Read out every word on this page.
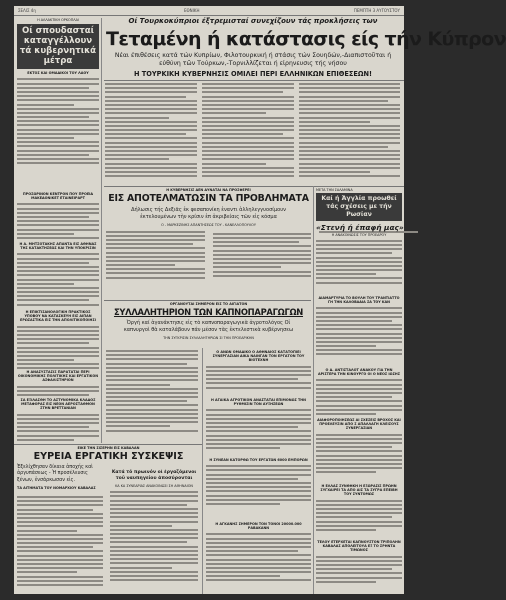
ΣΕΛΙΣ 4η	ΕΘΝΙΚΗ	ΠΕΜΠΤΗ 3 ΑΥΓΟΥΣΤΟΥ
Η ΑΛΛΑΚΤΙΚΗ ΟΡΚΟΠΛΑΙ
Οί σπουδασταί καταγγέλλουν τά κυβερνητικά μέτρα
ΕΚΤΟΣ ΚΑΙ ΟΜΑΔΙΚΟΙ ΤΟΥ ΛΑΟΥ
ΠΡΟΣΩΡΙΝΟΝ ΚΕΝΤΡΟΝ ΠΟΥ ΠΡΟΕΙΔ ΜΑΚΕΔΟΝΙΚΕΤ ΕΤΑΙΝΕΙΡΑΡΤ
Η Α. ΜΗΤΣΟΤΑΚΗΣ ΑΠΑΝΤΑ ΕΙΣ ΑΘΗΝΑΣ ΤΗΣ ΚΑΤΑΚΤΗΣΕΩΣ ΚΑΙ ΤΗΝ ΥΠΟΚΡΙΣΙΝ
Η ΕΠΙΚΤΙΣΑΝΟΛΟΓΙΚΗ ΠΡΑΚΤΙΚΟΣ ΥΠΟΒΟΥ ΝΑ ΚΑΤΑΣΚΕΥΗ ΕΙΣ ΑΙΠΑΝ ΕΡΩΣΑΣΤΙΚΑ ΕΙΣ ΤΗΝ ΑΠΟΛΙΤΙΚΟΠΟΙΗΣΙ
Η ΑΝΑΣΥΣΤΑΣΙΣ ΠΑΡΑΤΑΤΑΙ ΠΕΡΙ ΟΙΚΟΝΟΜΙΚΗΣ ΠΟΛΙΤΙΚΗΣ ΚΑΙ ΕΡΓΑΤΙΚΟΝ ΑΣΦΑΛΙΣΤΗΡΙΟΝ
ΣΑ ΕΞΙΛΑΣΘΗ ΤΟ ΑΣΤΥΝΟΜΙΚΑ ΚΛΑΔΟΣ ΜΕΤΑΦΟΡΑΣ ΕΙΣ ΝΕΟΝ ΑΕΡΟΣΤΑΘΜΟΝ ΣΤΗΝ ΒΡΕΤΤΑΝΙΑΝ
Οί Τουρκοκύπριοι έξτρεμισταί συνεχίζουν τάς προκλήσεις των
Τεταμένη ή κατάστασις είς τήν Κύπρον
Νέαι έπιθέσεις κατά τών Κυπρίων, Φιλοτουρκική ή στάσις τών Σουηδών,-Διαπιστοῦται ή εὐθύνη τῶν Τούρκων,-Τορνιλλίζεται ή εἰρηνευσις τής νήσου
Η ΤΟΥΡΚΙΚΗ ΚΥΒΕΡΝΗΣΙΣ ΟΜΙΛΕΙ ΠΕΡΙ ΕΛΛΗΝΙΚΩΝ ΕΠΙΘΕΣΕΩΝ!
Η ΚΥΒΕΡΝΗΣΙΣ ΔΕΝ ΔΥΝΑΤΑΙ ΝΑ ΠΡΟΣΦΕΡΕΙ
ΕΙΣ ΑΠΟΤΕΛΜΑΤΩΣΙΝ ΤΑ ΠΡΟΒΛΗΜΑΤΑ
Δήλωσις τής Δεξιᾶς ἐκ φεσαπονίκη ἐναντι ἀλληλεγγυοσίμουν ἐκτελουμένων τὴν κρίσιν ἐπ ἀκριβείαις τῶν εἰς κόσμα
Ο - ΜΑΡΚΕΖΙΝΗΣ ΑΠΑΝΤΗΣΕΩΣ ΤΟΥ - ΚΑΝΕΛΛΟΠΟΥΛΟΥ
ΟΡΓΑΝΟΥΤΑΙ ΣΗΜΕΡΟΝ ΕΙΣ ΤΟ ΑΙΓΙΑΤΟΝ
ΣΥΛΛΑΛΗΤΗΡΙΟΝ ΤΩΝ ΚΑΠΝΟΠΑΡΑΓΩΓΩΝ
Ὀργή καί ἀγανάκτησις εἰς τὸ καπνοπαραγωγικὰ ἀγροτολόγος Οἱ καπνυργοὶ θὰ καταλάβουν πάν μέσον τὰς ἐκτελεστικὰ κυβέρνησεω
ΤΗΝ ΣΥΓΚΡΙΣΙΝ ΣΥΛΛΑΛΗΤΗΡΙΩΝ ΣΙ ΤΗΝ ΠΡΟΕΔΡΙΚΗΝ
Ο ΑΝΩΝ ΟΜΑΔΙΚΟ Ο ΑΘΗΝΑΙΟΣ ΚΑΤΑΤΟΠΙΕΙ ΣΥΝΕΡΓΑΣΙΑΝ ΔΙΚΑ ΝΑΙΝΓΑΝ ΤΟΝ ΕΡΓΑΤΟΝ ΤΟΥ ΒΙΟΤΕΧΝΗ
Η ΑΓΑΙΚΑ ΑΓΡΟΤΙΚΟΝ ΑΝΑΣΤΑΤΑΙ ΕΠΙΜΟΝΩΣ ΤΗΝ ΡΥΘΜΙΣΙΝ ΤΟΝ ΑΥΞΗΣΕΩΝ
Η ΣΥΝΕΑΝ ΚΑΤΟΡΘΩ ΤΟΥ ΕΡΓΑΤΩΝ 6000 ΕΜΠΟΡΩΝ
Η ΑΓΚΑΝΗΣ ΣΗΜΕΡΟΝ ΤΟΝ ΤΟΝΟΙ 20000.000 ΡΑΒΑΚΑΝΝ
ΕΙΚΕ ΤΗΝ ΣΙΣΕΡΗΝ ΕΙΣ ΚΑΒΑΛΑΝ
ΕΥΡΕΙΑ ΕΡΓΑΤΙΚΗ ΣΥΣΚΕΨΙΣ
Ἐξελίχθησαν δίκαια ἀποχής καὶ ἀργυπάσεως - Ἡ προσέλευσις ξένων, ἐνσάρκωσαν εἰς.
ΤΑ ΑΙΤΗΜΑΤΑ ΤΟΥ ΝΟΜΑΡΧΙΟΥ ΚΑΒΑΛΑΣ
Κατά τό πρωινόν οἱ ἐργαζόμενοι τοῦ ναυπηγείου ἀποσύρονται
ΚΑ ΚΑ ΣΥΝΕΔΡΙΑΣ ΑΝΑΚΟΙΝΩΣΙ ΣΗ ΑΘΗΝΑΙΟΝ
ΜΕΤΑ ΤΗΝ ΣΑΛΑΜΙΝΑ
Καί ή Άγγλία προωθεί τάς σχέσεις με τήν Ρωσίαν
«Στενή ή έπαφή μας»
Η ΑΝΑΚΟΙΝΩΣΙΣ ΤΟΥ ΠΡΟΕΔΡΟΥ
ΔΙΑΜΑΡΤΥΡΙΑ ΤΟ ΒΟΥΛΗ ΤΟΥ ΤΡΑΝΤΙΑΤΤΟ ΓΗ ΤΗΝ ΚΑΛΟΒΑΔΙΑ ΣΑ ΤΟΥ ΚΑΝ
Ο Δ. ΑΝΤΙΣΤΑΛΟΤ ΑΝΑΚΟΥ ΓΙΑ ΤΗΝ ΑΡΙΣΤΕΡΑ ΤΗΝ ΚΙΝΟΥΡΓΟ ΟΙ Ο ΝΕΟΣ ΙΩΣΗΣ
ΔΙΑΦΟΡΟΠΟΙΗΣΕΩΣ ΑΙ ΣΧΕΣΕΙΣ ΒΡΟΧΟΣ ΚΑΙ ΠΡΟΕΛΕΥΣΙΝ ΑΠΟ Σ ΑΠΑΛΛΑΓΗ ΚΛΕΙΣΟΥΣ ΣΥΝΕΡΓΑΣΙΑΝ
Η ΕΛΛΑΣ ΣΥΝΘΗΚΗ Η ΕΞΩΡΑΣΙΣ ΠΡΩΗΝ ΣΥΓΧΑΙΡΕΙ ΤΑ ΑΠΟ ΑΙΣ ΤΑ ΣΥΓΡΑ ΕΠΕΙΒΗ ΤΟΥ ΣΥΝΤΟΜΩΣ
ΤΕΛΟΥ ΕΤΕΡΧΕΤΑΙ ΚΑΠΝΟΥΣΤΟΝ ΤΡΙΠΟΛΗΝ ΚΑΒΑΛΑΣ ΑΠΟΛΕΙΤΟΥΑ ΕΞ ΤΟ ΣΡΗΝΤΑ ΤΙΜΩΝΟΣ
